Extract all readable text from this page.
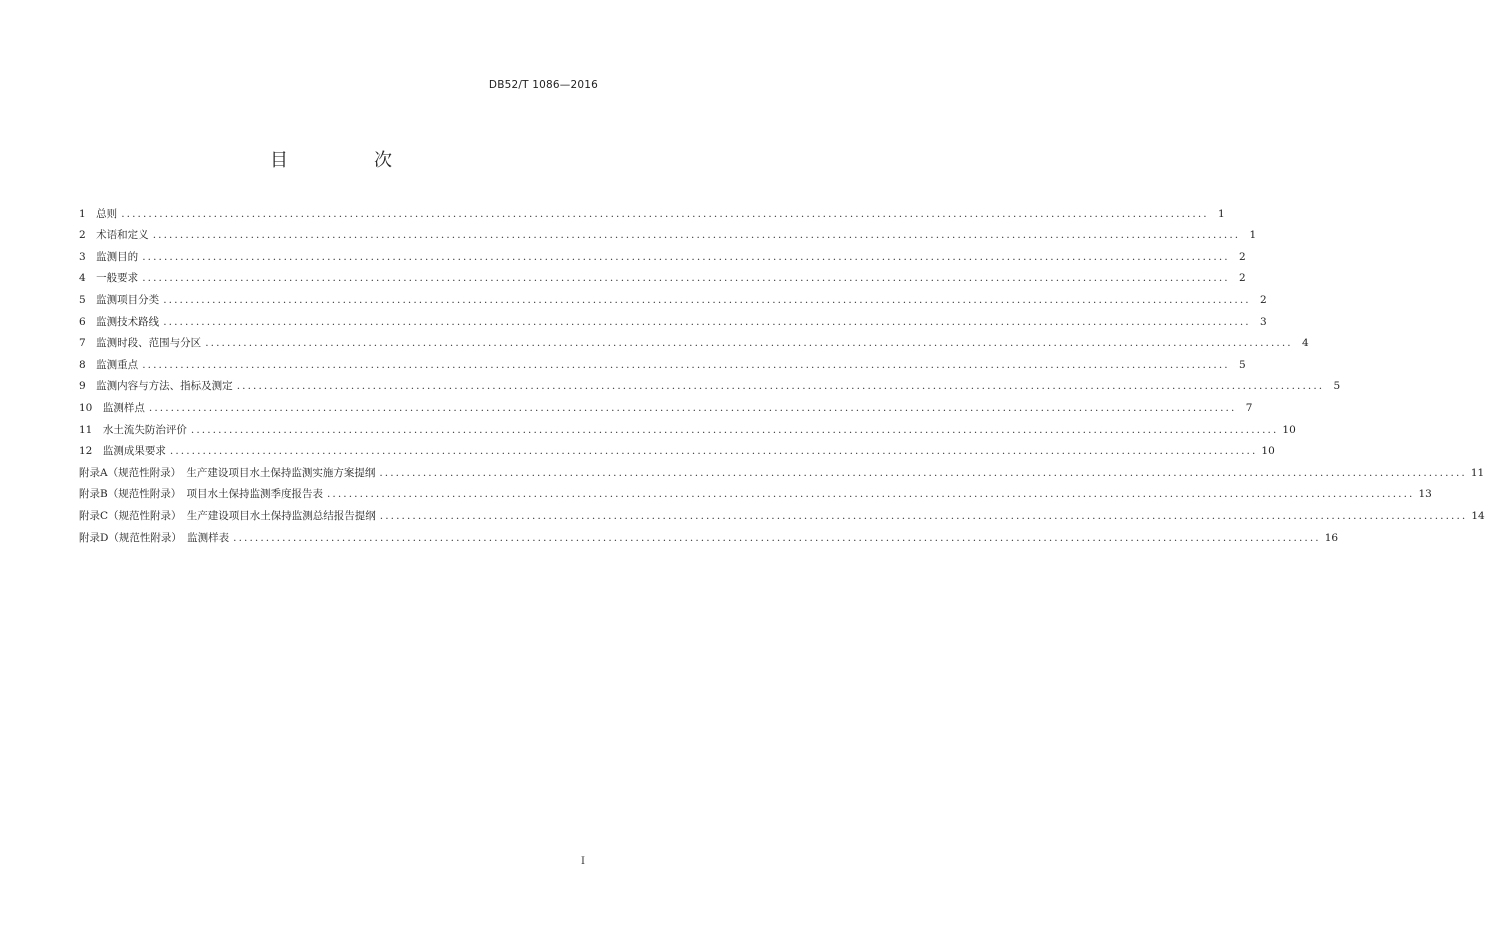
DB52/T 1086—2016
目　次
1　总则 ........................................................................................................................................................................................................ 1
2　术语和定义 ........................................................................................................................................................................................................ 1
3　监测目的 ........................................................................................................................................................................................................ 2
4　一般要求 ........................................................................................................................................................................................................ 2
5　监测项目分类 ........................................................................................................................................................................................................ 2
6　监测技术路线 ........................................................................................................................................................................................................ 3
7　监测时段、范围与分区 ........................................................................................................................................................................................................ 4
8　监测重点 ........................................................................................................................................................................................................ 5
9　监测内容与方法、指标及测定 ........................................................................................................................................................................................................ 5
10　监测样点 ........................................................................................................................................................................................................ 7
11　水土流失防治评价 ........................................................................................................................................................................................................ 10
12　监测成果要求 ........................................................................................................................................................................................................ 10
附录A（规范性附录）　生产建设项目水土保持监测实施方案提纲 ........................................................................................................................................................................................................ 11
附录B（规范性附录）　项目水土保持监测季度报告表 ........................................................................................................................................................................................................ 13
附录C（规范性附录）　生产建设项目水土保持监测总结报告提纲 ........................................................................................................................................................................................................ 14
附录D（规范性附录）　监测样表 ........................................................................................................................................................................................................ 16
I
